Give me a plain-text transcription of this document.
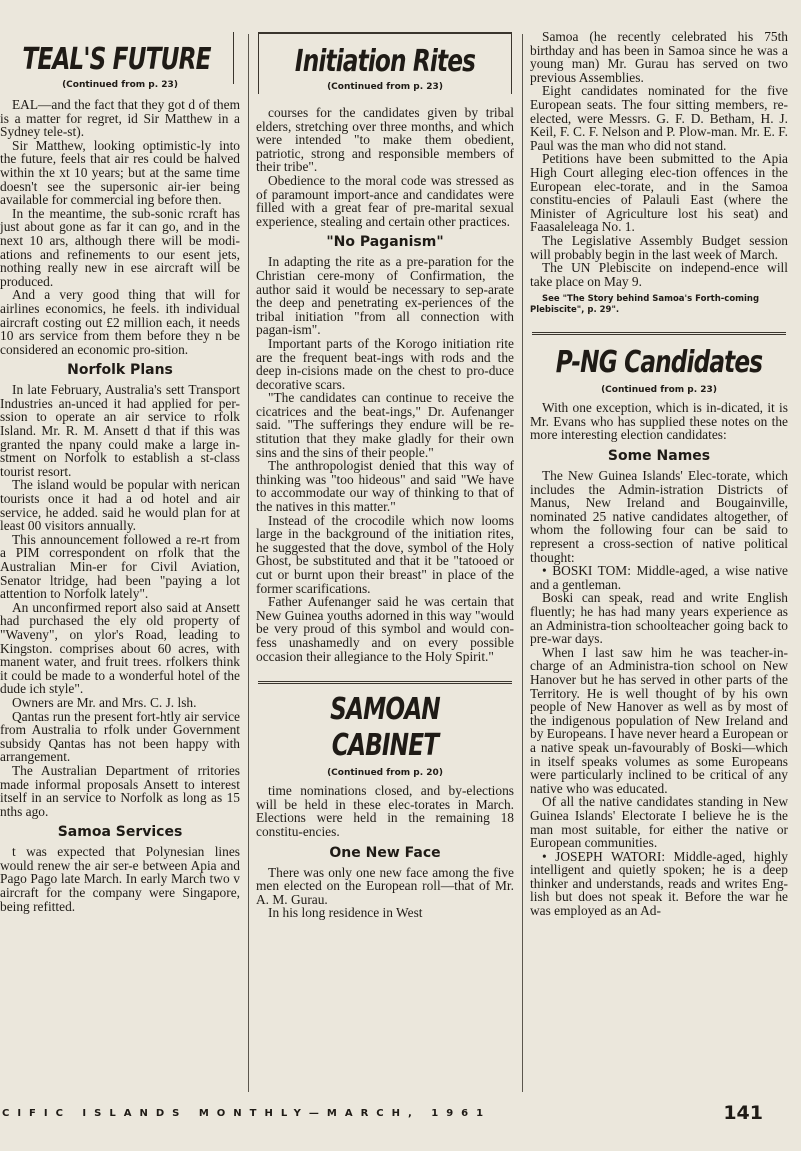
TEAL'S FUTURE
(Continued from p. 23)

EAL—and the fact that they got d of them is a matter for regret, id Sir Matthew in a Sydney tele-st).

Sir Matthew, looking optimistic-ly into the future, feels that air res could be halved within the xt 10 years; but at the same time doesn't see the supersonic air-ier being available for commercial ing before then.

In the meantime, the sub-sonic rcraft has just about gone as far it can go, and in the next 10 ars, although there will be modi-ations and refinements to our esent jets, nothing really new in ese aircraft will be produced.

And a very good thing that will for airlines economics, he feels. ith individual aircraft costing out £2 million each, it needs 10 ars service from them before they n be considered an economic pro-sition.

Norfolk Plans

In late February, Australia's sett Transport Industries an-unced it had applied for per-ssion to operate an air service to rfolk Island. Mr. R. M. Ansett d that if this was granted the npany could make a large in-stment on Norfolk to establish a st-class tourist resort.

The island would be popular with nerican tourists once it had a od hotel and air service, he added. said he would plan for at least 00 visitors annually.

This announcement followed a re-rt from a PIM correspondent on rfolk that the Australian Min-er for Civil Aviation, Senator ltridge, had been "paying a lot attention to Norfolk lately".

An unconfirmed report also said at Ansett had purchased the ely old property of "Waveny", on ylor's Road, leading to Kingston. comprises about 60 acres, with manent water, and fruit trees. rfolkers think it could be made to a wonderful hotel of the dude ich style".

Owners are Mr. and Mrs. C. J. lsh.

Qantas run the present fort-htly air service from Australia to rfolk under Government subsidy Qantas has not been happy with arrangement.

The Australian Department of rritories made informal proposals Ansett to interest itself in an service to Norfolk as long as 15 nths ago.

Samoa Services

t was expected that Polynesian lines would renew the air ser-e between Apia and Pago Pago late March. In early March two v aircraft for the company were Singapore, being refitted.

Initiation Rites
(Continued from p. 23)

courses for the candidates given by tribal elders, stretching over three months, and which were intended "to make them obedient, patriotic, strong and responsible members of their tribe".

Obedience to the moral code was stressed as of paramount import-ance and candidates were filled with a great fear of pre-marital sexual experience, stealing and certain other practices.

"No Paganism"

In adapting the rite as a pre-paration for the Christian cere-mony of Confirmation, the author said it would be necessary to sep-arate the deep and penetrating ex-periences of the tribal initiation "from all connection with pagan-ism".

Important parts of the Korogo initiation rite are the frequent beat-ings with rods and the deep in-cisions made on the chest to pro-duce decorative scars.

"The candidates can continue to receive the cicatrices and the beat-ings," Dr. Aufenanger said. "The sufferings they endure will be re-stitution that they make gladly for their own sins and the sins of their people."

The anthropologist denied that this way of thinking was "too hideous" and said "We have to accommodate our way of thinking to that of the natives in this matter."

Instead of the crocodile which now looms large in the background of the initiation rites, he suggested that the dove, symbol of the Holy Ghost, be substituted and that it be "tatooed or cut or burnt upon their breast" in place of the former scarifications.

Father Aufenanger said he was certain that New Guinea youths adorned in this way "would be very proud of this symbol and would con-fess unashamedly and on every possible occasion their allegiance to the Holy Spirit."

SAMOAN CABINET
(Continued from p. 20)

time nominations closed, and by-elections will be held in these elec-torates in March. Elections were held in the remaining 18 constitu-encies.

One New Face

There was only one new face among the five men elected on the European roll—that of Mr. A. M. Gurau.

In his long residence in West

Samoa (he recently celebrated his 75th birthday and has been in Samoa since he was a young man) Mr. Gurau has served on two previous Assemblies.

Eight candidates nominated for the five European seats. The four sitting members, re-elected, were Messrs. G. F. D. Betham, H. J. Keil, F. C. F. Nelson and P. Plow-man. Mr. E. F. Paul was the man who did not stand.

Petitions have been submitted to the Apia High Court alleging elec-tion offences in the European elec-torate, and in the Samoa constitu-encies of Palauli East (where the Minister of Agriculture lost his seat) and Faasaleleaga No. 1.

The Legislative Assembly Budget session will probably begin in the last week of March.

The UN Plebiscite on independ-ence will take place on May 9.

See "The Story behind Samoa's Forth-coming Plebiscite", p. 29".

P-NG Candidates
(Continued from p. 23)

With one exception, which is in-dicated, it is Mr. Evans who has supplied these notes on the more interesting election candidates:

Some Names

The New Guinea Islands' Elec-torate, which includes the Admin-istration Districts of Manus, New Ireland and Bougainville, nominated 25 native candidates altogether, of whom the following four can be said to represent a cross-section of native political thought:

• BOSKI TOM: Middle-aged, a wise native and a gentleman.

Boski can speak, read and write English fluently; he has had many years experience as an Administra-tion schoolteacher going back to pre-war days.

When I last saw him he was teacher-in-charge of an Administra-tion school on New Hanover but he has served in other parts of the Territory. He is well thought of by his own people of New Hanover as well as by most of the indigenous population of New Ireland and by Europeans. I have never heard a European or a native speak un-favourably of Boski—which in itself speaks volumes as some Europeans were particularly inclined to be critical of any native who was educated.

Of all the native candidates standing in New Guinea Islands' Electorate I believe he is the man most suitable, for either the native or European communities.

• JOSEPH WATORI: Middle-aged, highly intelligent and quietly spoken; he is a deep thinker and understands, reads and writes Eng-lish but does not speak it. Before the war he was employed as an Ad-

CIFIC ISLANDS MONTHLY—MARCH, 1961	141
